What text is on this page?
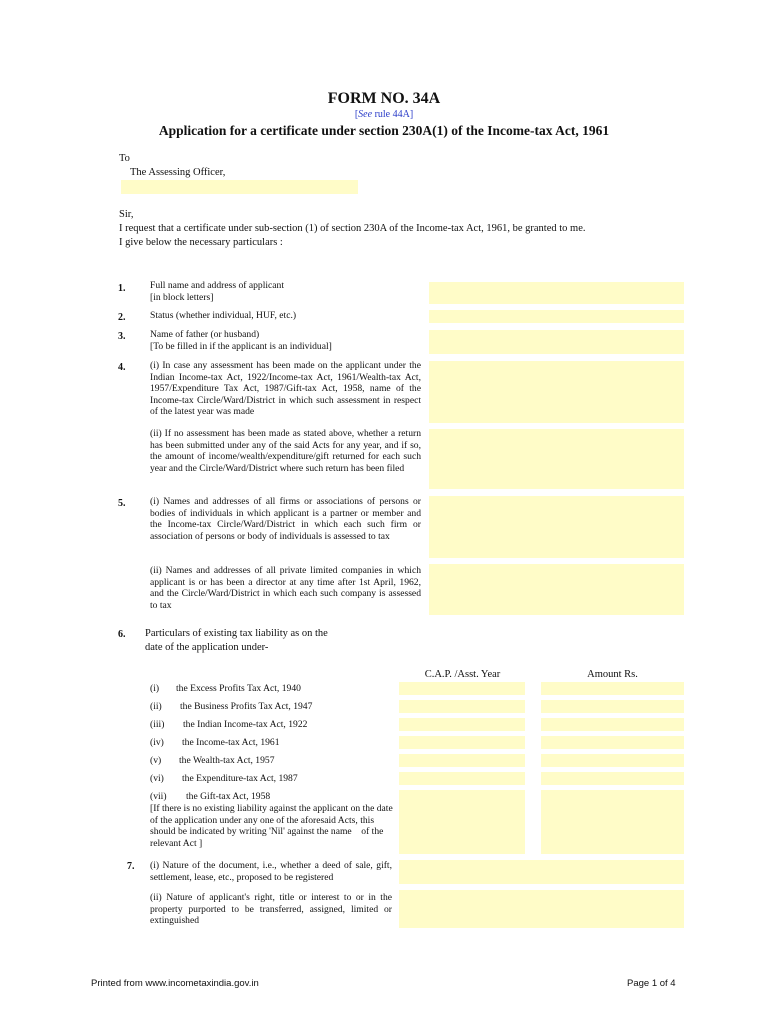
FORM NO. 34A
[See rule 44A]
Application for a certificate under section 230A(1) of the Income-tax Act, 1961
To
The Assessing Officer,
Sir,
I request that a certificate under sub-section (1) of section 230A of the Income-tax Act, 1961, be granted to me.
I give below the necessary particulars :
1.	Full name and address of applicant
[in block letters]
2.	Status (whether individual, HUF, etc.)
3.	Name of father (or husband)
[To be filled in if the applicant is an individual]
4.	(i) In case any assessment has been made on the applicant under the Indian Income-tax Act, 1922/Income-tax Act, 1961/Wealth-tax Act, 1957/Expenditure Tax Act, 1987/Gift-tax Act, 1958, name of the Income-tax Circle/Ward/District in which such assessment in respect of the latest year was made
(ii) If no assessment has been made as stated above, whether a return has been submitted under any of the said Acts for any year, and if so, the amount of income/wealth/expenditure/gift returned for each such year and the Circle/Ward/District where such return has been filed
5.	(i) Names and addresses of all firms or associations of persons or bodies of individuals in which applicant is a partner or member and the Income-tax Circle/Ward/District in which each such firm or association of persons or body of individuals is assessed to tax
(ii) Names and addresses of all private limited companies in which applicant is or has been a director at any time after 1st April, 1962, and the Circle/Ward/District in which each such company is assessed to tax
6. Particulars of existing tax liability as on the
date of the application under-
C.A.P. /Asst. Year	Amount Rs.
(i) the Excess Profits Tax Act, 1940
(ii) the Business Profits Tax Act, 1947
(iii) the Indian Income-tax Act, 1922
(iv) the Income-tax Act, 1961
(v) the Wealth-tax Act, 1957
(vi) the Expenditure-tax Act, 1987
(vii) the Gift-tax Act, 1958
[If there is no existing liability against the applicant on the date of the application under any one of the aforesaid Acts, this should be indicated by writing 'Nil' against the name    of the relevant Act ]
7. (i) Nature of the document, i.e., whether a deed of sale, gift, settlement, lease, etc., proposed to be registered
(ii) Nature of applicant's right, title or interest to or in the property purported to be transferred, assigned, limited or extinguished
Printed from www.incometaxindia.gov.in	Page 1 of 4
